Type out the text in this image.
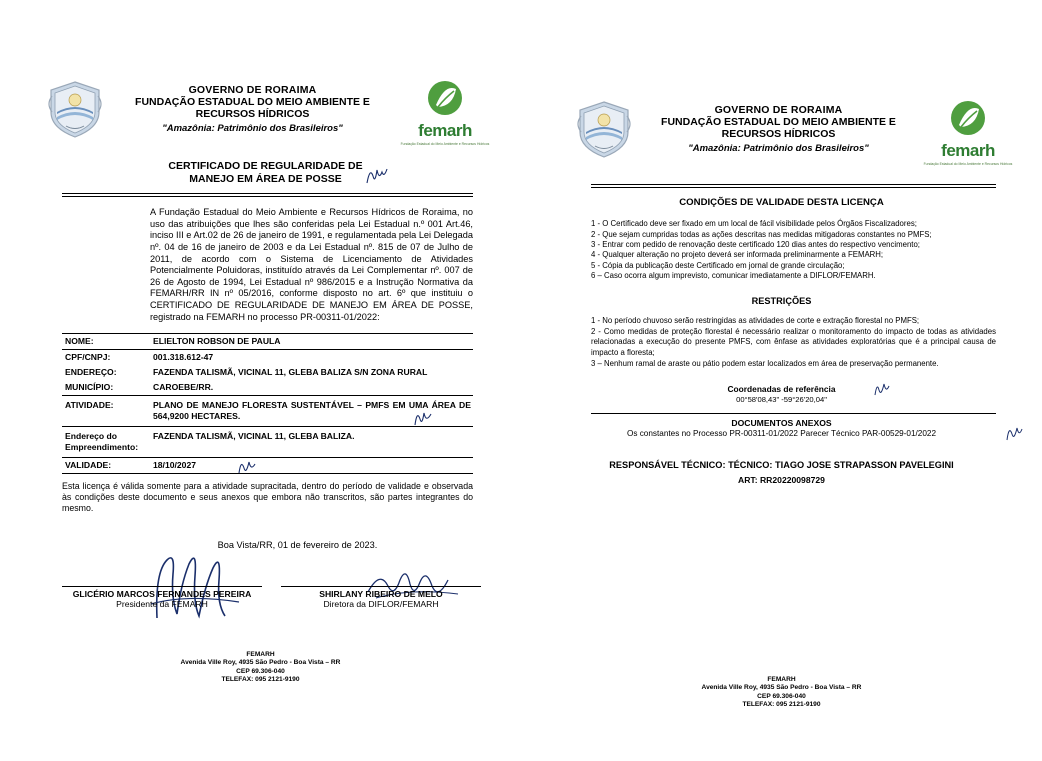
GOVERNO DE RORAIMA
FUNDAÇÃO ESTADUAL DO MEIO AMBIENTE E
RECURSOS HÍDRICOS
"Amazônia: Patrimônio dos Brasileiros"	femarh
Fundação Estadual do Meio Ambiente e Recursos Hídricos
CERTIFICADO DE REGULARIDADE DE
MANEJO EM ÁREA DE POSSE
A Fundação Estadual do Meio Ambiente e Recursos Hídricos de Roraima, no uso das atribuições que lhes são conferidas pela Lei Estadual n.º 001 Art.46, inciso III e Art.02 de 26 de janeiro de 1991, e regulamentada pela Lei Delegada nº. 04 de 16 de janeiro de 2003 e da Lei Estadual nº. 815 de 07 de Julho de 2011, de acordo com o Sistema de Licenciamento de Atividades Potencialmente Poluidoras, instituído através da Lei Complementar nº. 007 de 26 de Agosto de 1994, Lei Estadual nº 986/2015 e a Instrução Normativa da FEMARH/RR IN nº 05/2016, conforme disposto no art. 6º que instituiu o CERTIFICADO DE REGULARIDADE DE MANEJO EM ÁREA DE POSSE, registrado na FEMARH no processo PR-00311-01/2022:
NOME:	ELIELTON ROBSON DE PAULA
CPF/CNPJ:	001.318.612-47
ENDEREÇO:	FAZENDA TALISMÃ, VICINAL 11, GLEBA BALIZA S/N ZONA RURAL
MUNICÍPIO:	CAROEBE/RR.
ATIVIDADE:	PLANO DE MANEJO FLORESTA SUSTENTÁVEL – PMFS EM UMA ÁREA DE 564,9200 HECTARES.
Endereço do Empreendimento:
FAZENDA TALISMÃ, VICINAL 11, GLEBA BALIZA.
VALIDADE:	18/10/2027
Esta licença é válida somente para a atividade supracitada, dentro do período de validade e observada às condições deste documento e seus anexos que embora não transcritos, são partes integrantes do mesmo.
Boa Vista/RR, 01 de fevereiro de 2023.
GLICÉRIO MARCOS FERNANDES PEREIRA
Presidente da FEMARH
SHIRLANY RIBEIRO DE MELO
Diretora da DIFLOR/FEMARH
FEMARH
Avenida Ville Roy, 4935 São Pedro - Boa Vista – RR
CEP 69.306-040
TELEFAX: 095 2121-9190
GOVERNO DE RORAIMA
FUNDAÇÃO ESTADUAL DO MEIO AMBIENTE E
RECURSOS HÍDRICOS
"Amazônia: Patrimônio dos Brasileiros"	femarh
Fundação Estadual do Meio Ambiente e Recursos Hídricos
CONDIÇÕES DE VALIDADE DESTA LICENÇA
1 - O Certificado deve ser fixado em um local de fácil visibilidade pelos Órgãos Fiscalizadores;
2 - Que sejam cumpridas todas as ações descritas nas medidas mitigadoras constantes no PMFS;
3 - Entrar com pedido de renovação deste certificado 120 dias antes do respectivo vencimento;
4 - Qualquer alteração no projeto deverá ser informada preliminarmente a FEMARH;
5 - Cópia da publicação deste Certificado em jornal de grande circulação;
6 – Caso ocorra algum imprevisto, comunicar imediatamente a DIFLOR/FEMARH.
RESTRIÇÕES
1 - No período chuvoso serão restringidas as atividades de corte e extração florestal no PMFS;
2 - Como medidas de proteção florestal é necessário realizar o monitoramento do impacto de todas as atividades relacionadas a execução do presente PMFS, com ênfase as atividades exploratórias que é a principal causa de impacto a floresta;
3 – Nenhum ramal de araste ou pátio podem estar localizados em área de preservação permanente.
Coordenadas de referência
00°58'08,43" -59°26'20,04"
DOCUMENTOS ANEXOS
Os constantes no Processo PR-00311-01/2022 Parecer Técnico PAR-00529-01/2022
RESPONSÁVEL TÉCNICO: TÉCNICO: TIAGO JOSE STRAPASSON PAVELEGINI
ART: RR20220098729
FEMARH
Avenida Ville Roy, 4935 São Pedro - Boa Vista – RR
CEP 69.306-040
TELEFAX: 095 2121-9190
